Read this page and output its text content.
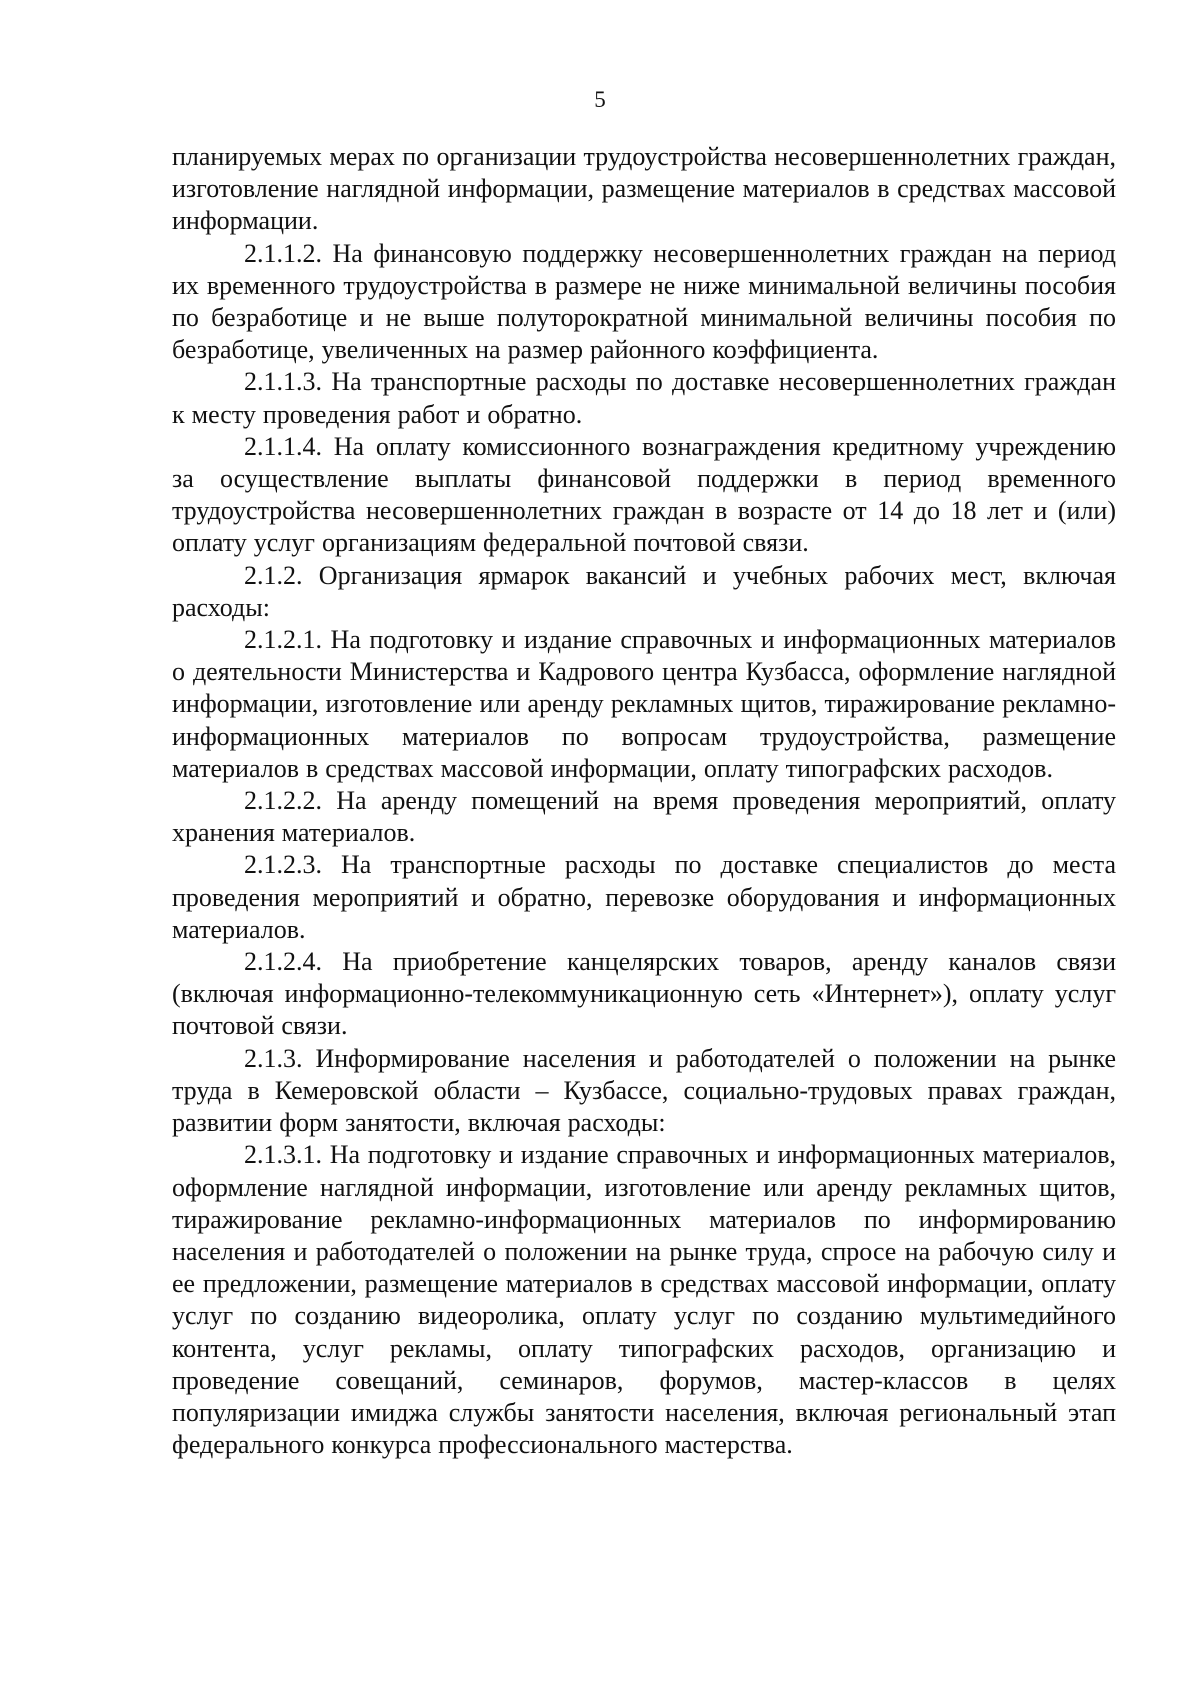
5

планируемых мерах по организации трудоустройства несовершеннолетних граждан, изготовление наглядной информации, размещение материалов в средствах массовой информации.

2.1.1.2. На финансовую поддержку несовершеннолетних граждан на период их временного трудоустройства в размере не ниже минимальной величины пособия по безработице и не выше полуторократной минимальной величины пособия по безработице, увеличенных на размер районного коэффициента.

2.1.1.3. На транспортные расходы по доставке несовершеннолетних граждан к месту проведения работ и обратно.

2.1.1.4. На оплату комиссионного вознаграждения кредитному учреждению за осуществление выплаты финансовой поддержки в период временного трудоустройства несовершеннолетних граждан в возрасте от 14 до 18 лет и (или) оплату услуг организациям федеральной почтовой связи.

2.1.2. Организация ярмарок вакансий и учебных рабочих мест, включая расходы:

2.1.2.1. На подготовку и издание справочных и информационных материалов о деятельности Министерства и Кадрового центра Кузбасса, оформление наглядной информации, изготовление или аренду рекламных щитов, тиражирование рекламно-информационных материалов по вопросам трудоустройства, размещение материалов в средствах массовой информации, оплату типографских расходов.

2.1.2.2. На аренду помещений на время проведения мероприятий, оплату хранения материалов.

2.1.2.3. На транспортные расходы по доставке специалистов до места проведения мероприятий и обратно, перевозке оборудования и информационных материалов.

2.1.2.4. На приобретение канцелярских товаров, аренду каналов связи (включая информационно-телекоммуникационную сеть «Интернет»), оплату услуг почтовой связи.

2.1.3. Информирование населения и работодателей о положении на рынке труда в Кемеровской области – Кузбассе, социально-трудовых правах граждан, развитии форм занятости, включая расходы:

2.1.3.1. На подготовку и издание справочных и информационных материалов, оформление наглядной информации, изготовление или аренду рекламных щитов, тиражирование рекламно-информационных материалов по информированию населения и работодателей о положении на рынке труда, спросе на рабочую силу и ее предложении, размещение материалов в средствах массовой информации, оплату услуг по созданию видеоролика, оплату услуг по созданию мультимедийного контента, услуг рекламы, оплату типографских расходов, организацию и проведение совещаний, семинаров, форумов, мастер-классов в целях популяризации имиджа службы занятости населения, включая региональный этап федерального конкурса профессионального мастерства.
